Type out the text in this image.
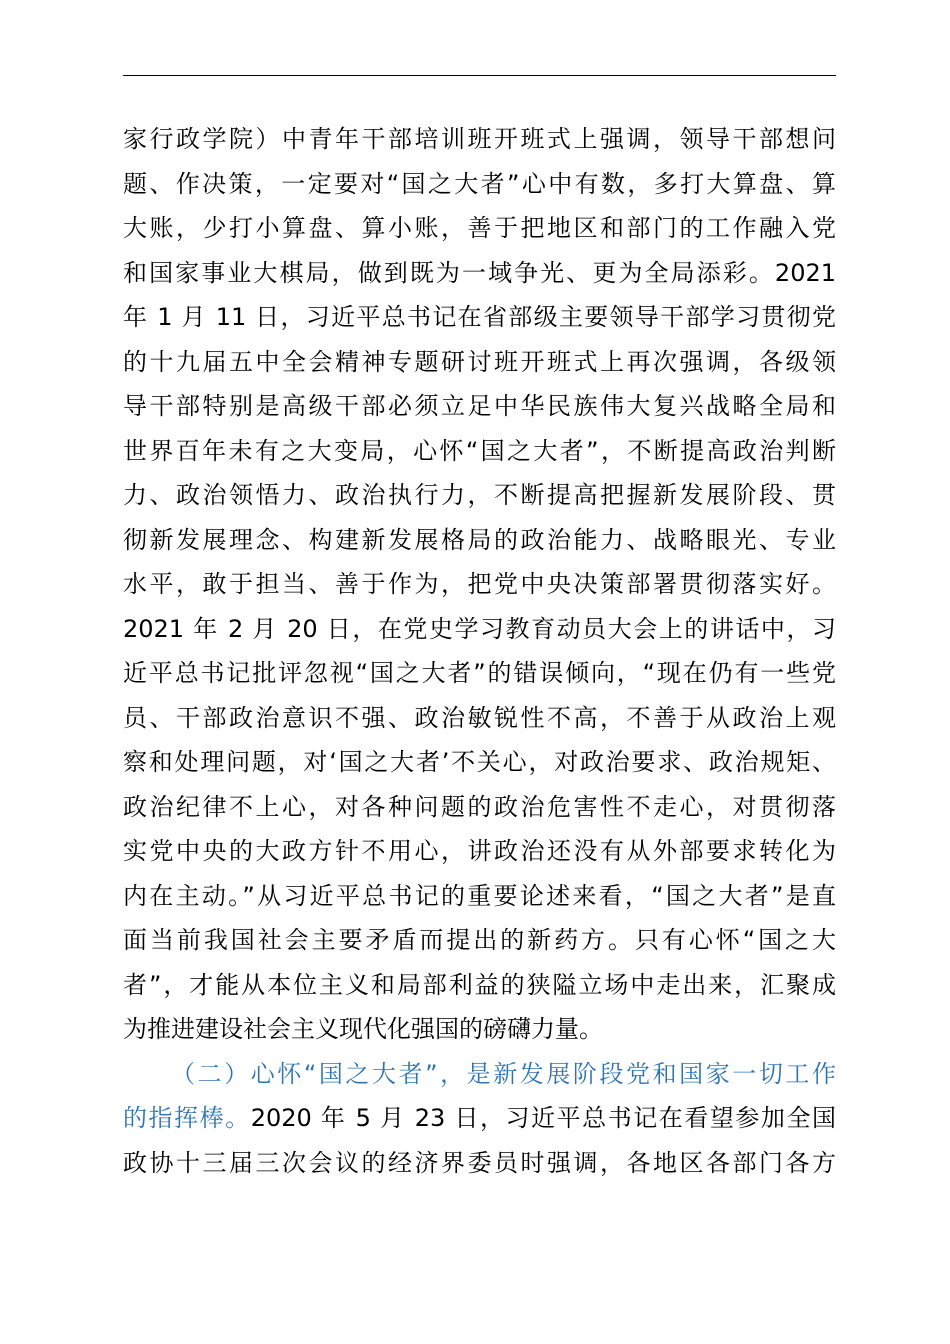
家行政学院）中青年干部培训班开班式上强调，领导干部想问
题、作决策，一定要对“国之大者”心中有数，多打大算盘、算
大账，少打小算盘、算小账，善于把地区和部门的工作融入党
和国家事业大棋局，做到既为一域争光、更为全局添彩。2021
年 1 月 11 日，习近平总书记在省部级主要领导干部学习贯彻党
的十九届五中全会精神专题研讨班开班式上再次强调，各级领
导干部特别是高级干部必须立足中华民族伟大复兴战略全局和
世界百年未有之大变局，心怀“国之大者”，不断提高政治判断
力、政治领悟力、政治执行力，不断提高把握新发展阶段、贯
彻新发展理念、构建新发展格局的政治能力、战略眼光、专业
水平，敢于担当、善于作为，把党中央决策部署贯彻落实好。
2021 年 2 月 20 日，在党史学习教育动员大会上的讲话中，习
近平总书记批评忽视“国之大者”的错误倾向，“现在仍有一些党
员、干部政治意识不强、政治敏锐性不高，不善于从政治上观
察和处理问题，对‘国之大者’不关心，对政治要求、政治规矩、
政治纪律不上心，对各种问题的政治危害性不走心，对贯彻落
实党中央的大政方针不用心，讲政治还没有从外部要求转化为
内在主动。”从习近平总书记的重要论述来看，“国之大者”是直
面当前我国社会主要矛盾而提出的新药方。只有心怀“国之大
者”，才能从本位主义和局部利益的狭隘立场中走出来，汇聚成
为推进建设社会主义现代化强国的磅礴力量。
（二）心怀“国之大者”，是新发展阶段党和国家一切工作
的指挥棒。2020 年 5 月 23 日，习近平总书记在看望参加全国
政协十三届三次会议的经济界委员时强调，各地区各部门各方
